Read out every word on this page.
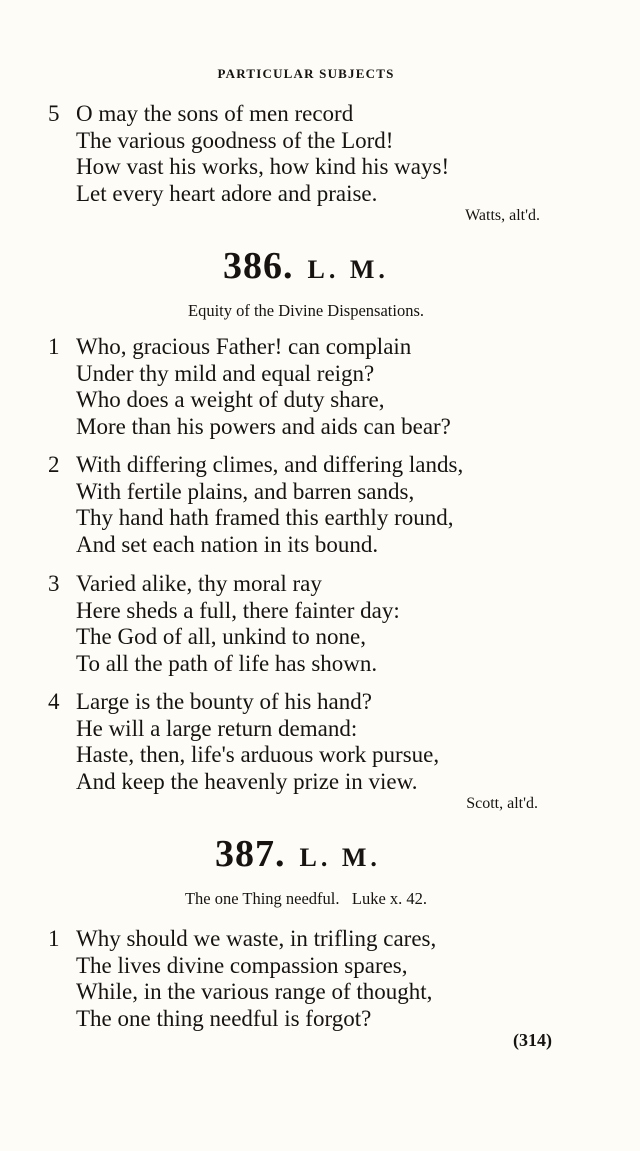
PARTICULAR SUBJECTS
5 O may the sons of men record
The various goodness of the Lord!
How vast his works, how kind his ways!
Let every heart adore and praise.
Watts, alt'd.
386. L. M.
Equity of the Divine Dispensations.
1 Who, gracious Father! can complain
Under thy mild and equal reign?
Who does a weight of duty share,
More than his powers and aids can bear?
2 With differing climes, and differing lands,
With fertile plains, and barren sands,
Thy hand hath framed this earthly round,
And set each nation in its bound.
3 Varied alike, thy moral ray
Here sheds a full, there fainter day:
The God of all, unkind to none,
To all the path of life has shown.
4 Large is the bounty of his hand?
He will a large return demand:
Haste, then, life's arduous work pursue,
And keep the heavenly prize in view.
Scott, alt'd.
387. L. M.
The one Thing needful.   Luke x. 42.
1 Why should we waste, in trifling cares,
The lives divine compassion spares,
While, in the various range of thought,
The one thing needful is forgot?
(314)
